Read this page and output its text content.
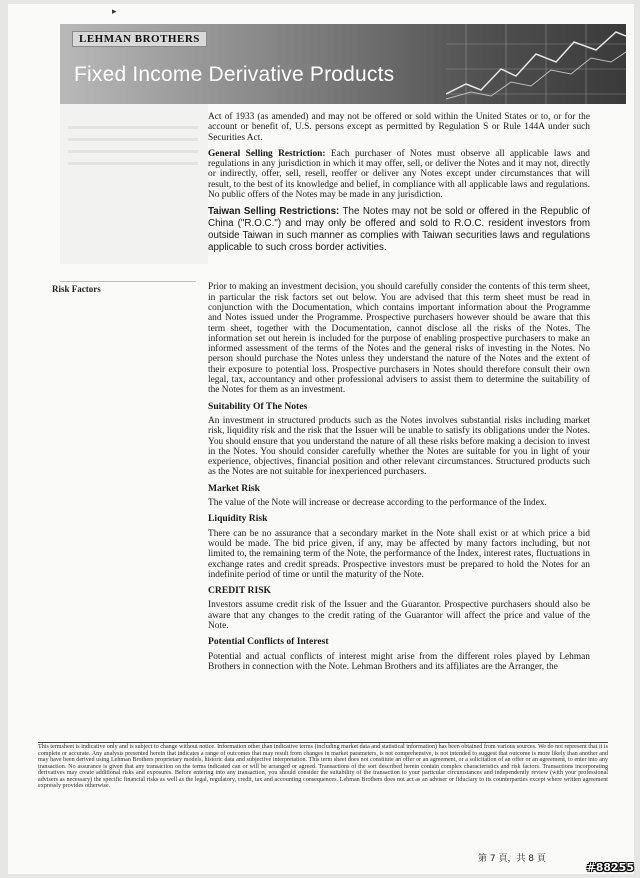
▸
LEHMAN BROTHERS
Fixed Income Derivative Products
Risk Factors

Act of 1933 (as amended) and may not be offered or sold within the United States or to, or for the account or benefit of, U.S. persons except as permitted by Regulation S or Rule 144A under such Securities Act.

General Selling Restriction: Each purchaser of Notes must observe all applicable laws and regulations in any jurisdiction in which it may offer, sell, or deliver the Notes and it may not, directly or indirectly, offer, sell, resell, reoffer or deliver any Notes except under circumstances that will result, to the best of its knowledge and belief, in compliance with all applicable laws and regulations. No public offers of the Notes may be made in any jurisdiction.

Taiwan Selling Restrictions: The Notes may not be sold or offered in the Republic of China ("R.O.C.") and may only be offered and sold to R.O.C. resident investors from outside Taiwan in such manner as complies with Taiwan securities laws and regulations applicable to such cross border activities.

Prior to making an investment decision, you should carefully consider the contents of this term sheet, in particular the risk factors set out below. You are advised that this term sheet must be read in conjunction with the Documentation, which contains important information about the Programme and Notes issued under the Programme. Prospective purchasers however should be aware that this term sheet, together with the Documentation, cannot disclose all the risks of the Notes. The information set out herein is included for the purpose of enabling prospective purchasers to make an informed assessment of the terms of the Notes and the general risks of investing in the Notes. No person should purchase the Notes unless they understand the nature of the Notes and the extent of their exposure to potential loss. Prospective purchasers in Notes should therefore consult their own legal, tax, accountancy and other professional advisers to assist them to determine the suitability of the Notes for them as an investment.

Suitability Of The Notes

An investment in structured products such as the Notes involves substantial risks including market risk, liquidity risk and the risk that the Issuer will be unable to satisfy its obligations under the Notes. You should ensure that you understand the nature of all these risks before making a decision to invest in the Notes. You should consider carefully whether the Notes are suitable for you in light of your experience, objectives, financial position and other relevant circumstances. Structured products such as the Notes are not suitable for inexperienced purchasers.

Market Risk

The value of the Note will increase or decrease according to the performance of the Index.

Liquidity Risk

There can be no assurance that a secondary market in the Note shall exist or at which price a bid would be made. The bid price given, if any, may be affected by many factors including, but not limited to, the remaining term of the Note, the performance of the Index, interest rates, fluctuations in exchange rates and credit spreads. Prospective investors must be prepared to hold the Notes for an indefinite period of time or until the maturity of the Note.

CREDIT RISK

Investors assume credit risk of the Issuer and the Guarantor. Prospective purchasers should also be aware that any changes to the credit rating of the Guarantor will affect the price and value of the Note.

Potential Conflicts of Interest

Potential and actual conflicts of interest might arise from the different roles played by Lehman Brothers in connection with the Note. Lehman Brothers and its affiliates are the Arranger, the

This termsheet is indicative only and is subject to change without notice. Information other than indicative terms (including market data and statistical information) has been obtained from various sources. We do not represent that it is complete or accurate. Any analysis presented herein that indicates a range of outcomes that may result from changes in market parameters, is not comprehensive, is not intended to suggest that outcome is more likely than another and may have been derived using Lehman Brothers proprietary models, historic data and subjective interpretation. This term sheet does not constitute an offer or an agreement, or a solicitation of an offer or an agreement, to enter into any transaction. No assurance is given that any transaction on the terms indicated can or will be arranged or agreed. Transactions of the sort described herein contain complex characteristics and risk factors. Transactions incorporating derivatives may create additional risks and exposures. Before entering into any transaction, you should consider the suitability of the transaction to your particular circumstances and independently review (with your professional advisers as necessary) the specific financial risks as well as the legal, regulatory, credit, tax and accounting consequences. Lehman Brothers does not act as an adviser or fiduciary to its counterparties except where written agreement expressly provides otherwise.
第 7 頁，共 8 頁
#88255
